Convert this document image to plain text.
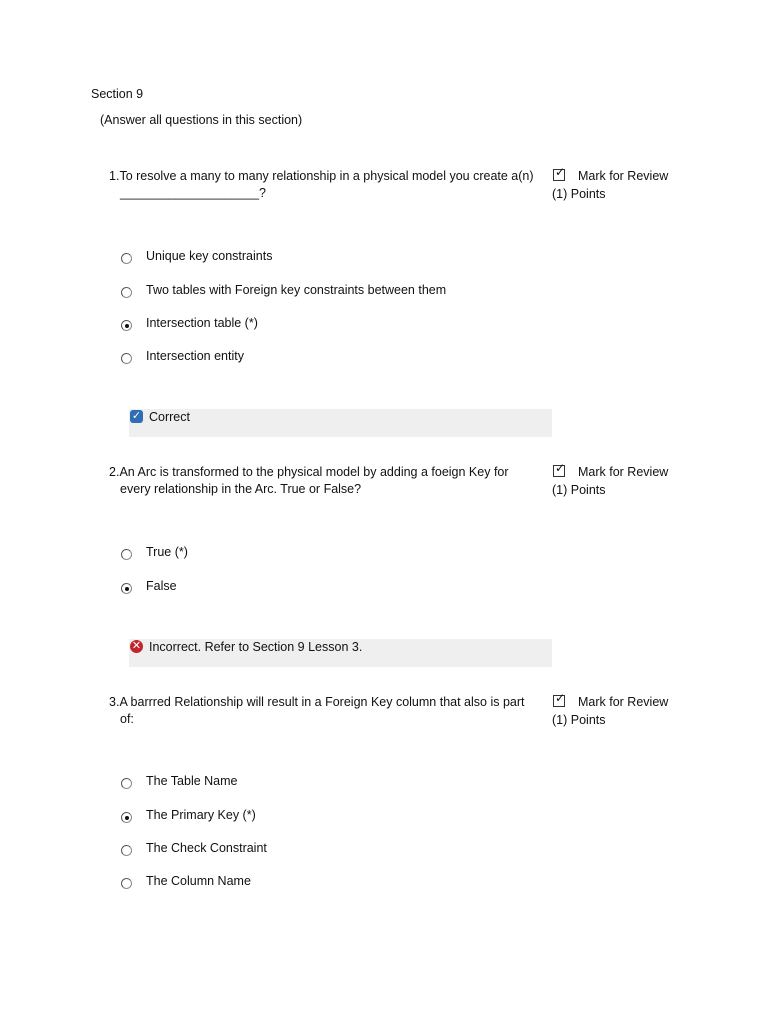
Section 9
(Answer all questions in this section)
1.To resolve a many to many relationship in a physical model you create a(n)
____________________?
✓ Mark for Review
(1) Points
Unique key constraints
Two tables with Foreign key constraints between them
Intersection table (*)
Intersection entity
✓ Correct
2.An Arc is transformed to the physical model by adding a foeign Key for
every relationship in the Arc. True or False?
✓ Mark for Review
(1) Points
True (*)
False
✕ Incorrect. Refer to Section 9 Lesson 3.
3.A barrred Relationship will result in a Foreign Key column that also is part
of:
✓ Mark for Review
(1) Points
The Table Name
The Primary Key (*)
The Check Constraint
The Column Name
